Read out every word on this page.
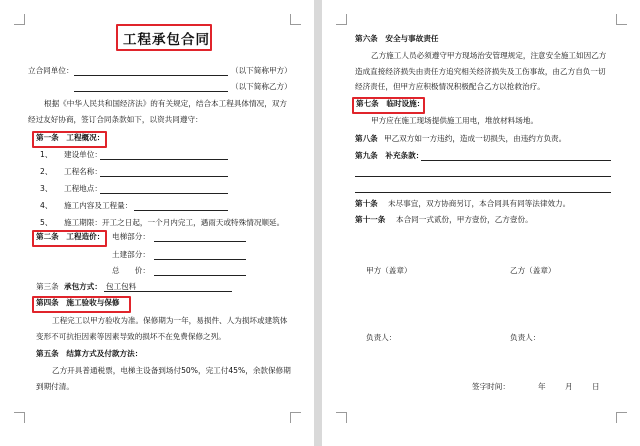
工程承包合同
立合同单位：	（以下简称甲方）
（以下简称乙方）
根据《中华人民共和国经济法》的有关规定，结合本工程具体情况，双方经过友好协商，签订合同条款如下，以资共同遵守：
第一条　工程概况：
1、 建设单位：
2、 工程名称：
3、 工程地点：
4、 施工内容及工程量：
5、 施工期限：开工之日起，一个月内完工，遇雨天或特殊情况顺延。
第二条　工程造价： 电梯部分：
土建部分：
总　　价：
第三条 承包方式： 包工包料
第四条　施工验收与保修
工程完工以甲方验收为准。保修期为一年，易损件、人为损坏或建筑体变形不可抗拒因素等因素导致的损坏不在免费保修之列。
第五条　结算方式及付款方法：
乙方开具普通税票，电梯主设备到场付50%，完工付45%，余款保修期到期付清。
第六条　安全与事故责任
乙方施工人员必须遵守甲方现场治安管理规定，注意安全施工如因乙方造成直接经济损失由责任方追究相关经济损失及工伤事故，由乙方自负一切经济责任，但甲方应积极情况积极配合乙方以抢救治疗。
第七条　临时设施：
甲方应在施工现场提供施工用电，堆放材料场地。
第八条 甲乙双方如一方违约，造成一切损失，由违约方负责。
第九条　补充条款：
第十条 未尽事宜，双方协商另订，本合同具有同等法律效力。
第十一条 本合同一式贰份，甲方壹份，乙方壹份。
甲方（盖章）	乙方（盖章）
负责人：	负责人：
签字时间：	年	月	日
